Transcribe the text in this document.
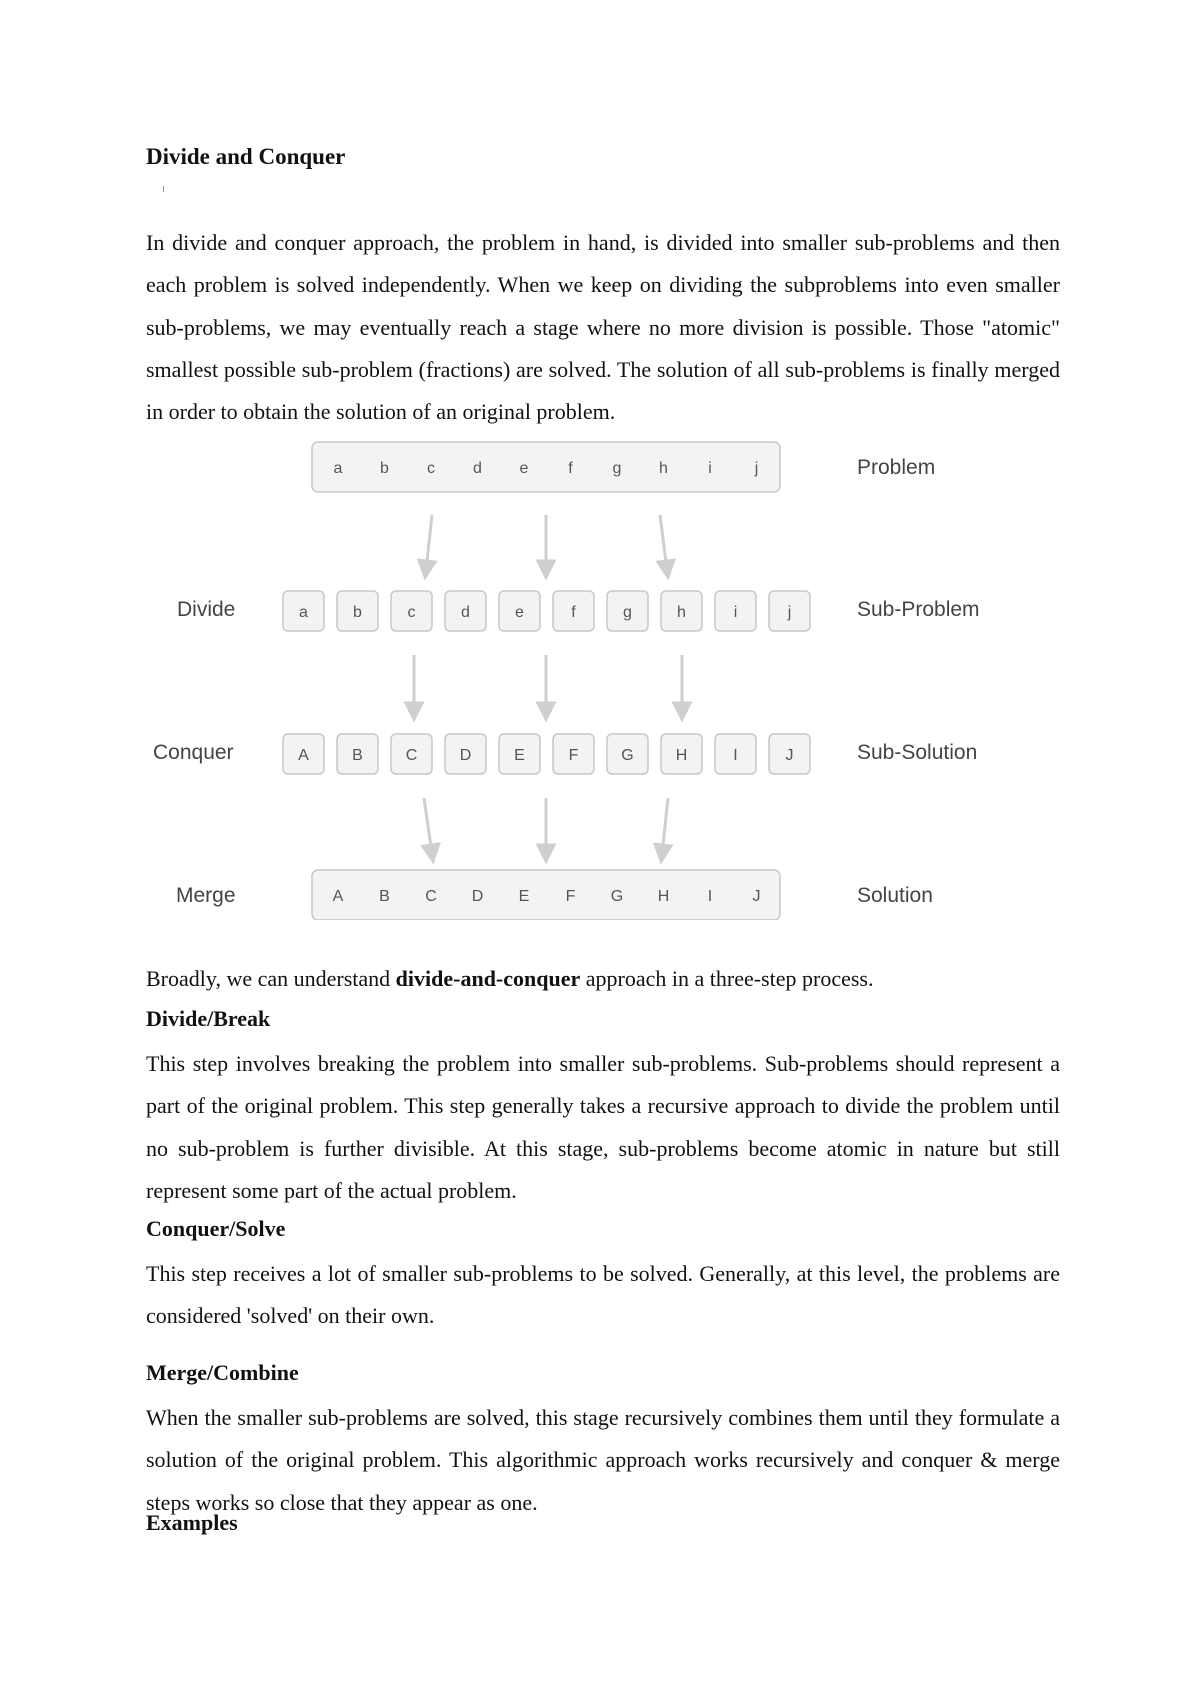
Divide and Conquer

In divide and conquer approach, the problem in hand, is divided into smaller sub-problems and then each problem is solved independently. When we keep on dividing the subproblems into even smaller sub-problems, we may eventually reach a stage where no more division is possible. Those "atomic" smallest possible sub-problem (fractions) are solved. The solution of all sub-problems is finally merged in order to obtain the solution of an original problem.

a b c d e f g h	i	j	Problem
Divide	a	b	c	d	e	f	g	h	i	j	Sub-Problem
Conquer	A	B	C	D	E	F	G	H	I	J	Sub-Solution
Merge	A B C D E F G H I	J	Solution
Broadly, we can understand divide-and-conquer approach in a three-step process.
Divide/Break

This step involves breaking the problem into smaller sub-problems. Sub-problems should represent a part of the original problem. This step generally takes a recursive approach to divide the problem until no sub-problem is further divisible. At this stage, sub-problems become atomic in nature but still represent some part of the actual problem.

Conquer/Solve

This step receives a lot of smaller sub-problems to be solved. Generally, at this level, the problems are considered 'solved' on their own.

Merge/Combine

When the smaller sub-problems are solved, this stage recursively combines them until they formulate a solution of the original problem. This algorithmic approach works recursively and conquer & merge steps works so close that they appear as one.

Examples
